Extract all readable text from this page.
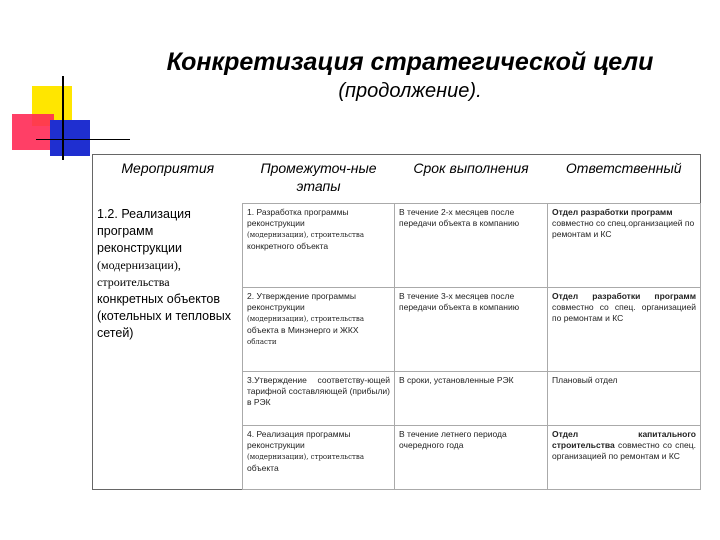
Конкретизация стратегической цели
(продолжение).
Мероприятия	Промежуточ-ные этапы	Срок выполнения	Ответственный
1.2. Реализация программ реконструкции
(модернизации), строительства
конкретных объектов (котельных и тепловых сетей)	1. Разработка программы реконструкции
(модернизации), строительства
конкретного объекта	В течение 2-х месяцев после передачи объекта в компанию	Отдел разработки программ совместно со спец.организацией по ремонтам и КС
	2. Утверждение программы реконструкции
(модернизации), строительства
объекта в Минэнерго и ЖКХ
области	В течение 3-х месяцев после передачи объекта в компанию	Отдел разработки программ совместно со спец. организацией по ремонтам и КС
	3.Утверждение соответству-ющей тарифной составляющей (прибыли) в РЭК	В сроки, установленные РЭК	Плановый отдел
	4. Реализация программы реконструкции
(модернизации), строительства
объекта	В течение летнего периода очередного года	Отдел капитального строительства совместно со спец. организацией по ремонтам и КС
